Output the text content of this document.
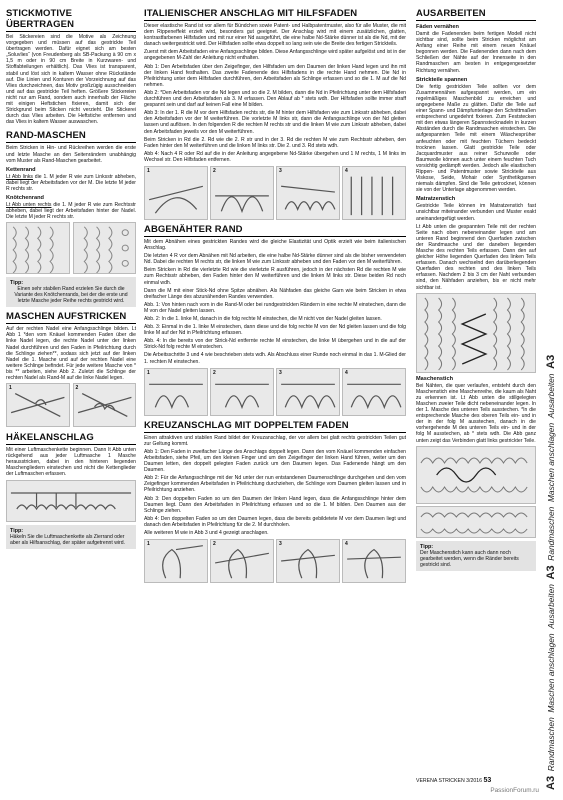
STICKMOTIVE ÜBERTRAGEN

Bei Stickereien sind die Motive als Zeichnung vorgegeben und müssen auf das gestrickte Teil übertragen werden. Dafür eignet sich am besten „Soluvlies“ (von Freudenberg als SB-Packung à 90 cm x 1,5 m oder in 90 cm Breite in Kurzwaren- und Stoffabteilungen erhältlich). Das Vlies ist transparent, stabil und löst sich in kaltem Wasser ohne Rückstände auf. Die Linien und Konturen der Vorzeichnung auf das Vlies durchzeichnen, das Motiv großzügig ausschneiden und auf das gestrickte Teil heften. Größere Stickereien nicht nur am Rand, sondern auch innerhalb der Fläche mit einigen Heftstichen fixieren, damit sich der Strickgrund beim Sticken nicht verzieht. Die Stickerei durch das Vlies arbeiten. Die Heftstiche entfernen und das Vlies in kaltem Wasser auswaschen.

RAND-MASCHEN

Beim Stricken in Hin- und Rückreihen werden die erste und letzte Masche an den Seitenrändern unabhängig vom Muster als Rand-Maschen gearbeitet.

Kettenrand

Lt Abb links die 1. M jeder R wie zum Linksstr abheben, dabei liegt der Arbeitsfaden vor der M. Die letzte M jeder R rechts str.

Knötchenrand

Lt Abb unten rechts die 1. M jeder R wie zum Rechtsstr abheben, dabei liegt der Arbeitsfaden hinter der Nadel. Die letzte M jeder R rechts str.

Tipp:
Einen sehr stabilen Rand erzielen Sie durch die Variante des Knötchenrands, bei der die erste und letzte Masche jeder Reihe rechts gestrickt wird.
MASCHEN AUFSTRICKEN

Auf der rechten Nadel eine Anfangsschlinge bilden. Lt Abb 1 *den vom Knäuel kommenden Faden über die linke Nadel legen, die rechte Nadel unter der linken Nadel durchführen und den Faden in Pfeilrichtung durch die Schlinge ziehen**, sodass sich jetzt auf der linken Nadel die 1. Masche und auf der rechten Nadel eine weitere Schlinge befindet. Für jede weitere Masche von * bis ** arbeiten, siehe Abb 2. Zuletzt die Schlinge der rechten Nadel als Rand-M auf die linke Nadel legen.

1	2
HÄKELANSCHLAG

Mit einer Luftmaschenkette beginnen. Dann lt Abb unten rückgehend aus jeder Luftmasche 1 Masche herausstricken, dabei in den hinteren liegenden Maschengliedern einstechen und nicht die Kettenglieder der Luftmaschen erfassen.

Tipp:
Häkeln Sie die Luftmaschenkette als Zierrand oder aber als Hilfsanschlag, der später aufgetrennt wird.
ITALIENISCHER ANSCHLAG MIT HILFSFADEN

Dieser elastische Rand ist vor allem für Bündchen sowie Patent- und Halbpatentmuster, also für alle Muster, die mit dem Rippeneffekt erzielt wird, besonders gut geeignet. Der Anschlag wird mit einem zusätzlichen, glatten, kontrastfarbenen Hilfsfaden und mit nur einer Nd ausgeführt, die eine halbe Nd-Stärke dünner ist als die Nd, mit der danach weitergestrickt wird. Der Hilfsfaden sollte etwa doppelt so lang sein wie die Breite des fertigen Strickteils.

Zuerst mit dem Arbeitsfaden eine Anfangsschlinge bilden. Diese Anfangsschlinge wird später aufgelöst und ist in der angegebenen M-Zahl der Anleitung nicht enthalten.

Abb 1: Den Arbeitsfaden über den Zeigefinger, den Hilfsfaden um den Daumen der linken Hand legen und ihn mit der linken Hand festhalten. Das zweite Fadenende des Hilfsfadens in die rechte Hand nehmen. Die Nd in Pfeilrichtung unter dem Hilfsfaden durchführen, den Arbeitsfaden als Schlinge erfassen und so die 1. M auf die Nd nehmen.

Abb 2: *Den Arbeitsfaden vor die Nd legen und so die 2. M bilden, dann die Nd in Pfeilrichtung unter dem Hilfsfaden durchführen und den Arbeitsfaden als 3. M erfassen. Den Ablauf ab * stets wdh. Der Hilfsfaden sollte immer straff gespannt sein und darf auf keinen Fall eine M bilden.

Abb 3: In der 1. R die M vor dem Hilfsfaden rechts str, die M hinter dem Hilfsfaden wie zum Linksstr abheben, dabei den Arbeitsfaden vor der M weiterführen. Die vorletzte M links str, dann die Anfangsschlinge von der Nd gleiten lassen und auflösen. In den folgenden R die rechten M rechts str und die linken M wie zum Linksstr abheben, dabei den Arbeitsfaden jeweils vor den M weiterführen.

Beim Stricken in Rd die 2. Rd wie die 2. R str und in der 3. Rd die rechten M wie zum Rechtsstr abheben, den Faden hinter den M weiterführen und die linken M links str. Die 2. und 3. Rd stets wdh.

Abb 4: Nach 4 R oder Rd auf die in der Anleitung angegebene Nd-Stärke übergehen und 1 M rechts, 1 M links im Wechsel str. Den Hilfsfaden entfernen.

1	2	3	4
ABGENÄHTER RAND

Mit dem Abnähen eines gestrickten Randes wird die gleiche Elastizität und Optik erzielt wie beim italienischen Anschlag.

Die letzten 4 R vor dem Abnähen mit Nd arbeiten, die eine halbe Nd-Stärke dünner sind als die bisher verwendeten Nd. Dabei die rechten M rechts str, die linken M wie zum Linksstr abheben und den Faden vor den M weiterführen.

Beim Stricken in Rd die vierletzte Rd wie die vierletzte R ausführen, jedoch in der nächsten Rd die rechten M wie zum Rechtsstr abheben, den Faden hinter den M weiterführen und die linken M links str. Diese beiden Rd noch einmal wdh.

Dann die M mit einer Stick-Nd ohne Spitze abnähen. Als Nähfaden das gleiche Garn wie beim Stricken in etwa dreifacher Länge des abzunähenden Randes verwenden.

Abb. 1: Von hinten nach vorn in die Rand-M oder bei rundgestrickten Rändern in eine rechte M einstechen, dann die M von der Nadel gleiten lassen.

Abb. 2: In die 1. linke M, danach in die folg rechte M einstechen, die M nicht von der Nadel gleiten lassen.

Abb. 3: Einmal in die 1. linke M einstechen, dann diese und die folg rechte M von der Nd gleiten lassen und die folg linke M auf der Nd in Pfeilrichtung erfassen.

Abb. 4: In die bereits von der Strick-Nd entfernte rechte M einstechen, die linke M übergehen und in die auf der Strick-Nd folg rechte M einstechen.

Die Arbeitsschritte 3 und 4 wie beschrieben stets wdh. Als Abschluss einer Runde noch einmal in das 1. M-Glied der 1. rechten M einstechen.

1	2	3	4
KREUZANSCHLAG MIT DOPPELTEM FADEN

Einen attraktiven und stabilen Rand bildet der Kreuzanschlag, der vor allem bei glatt rechts gestrickten Teilen gut zur Geltung kommt.

Abb 1: Den Faden in zweifacher Länge des Anschlags doppelt legen. Dann den vom Knäuel kommenden einfachen Arbeitsfaden, siehe Pfeil, um den kleinen Finger und um den Zeigefinger der linken Hand führen, weiter um den Daumen letten, den doppelt gelegten Faden zurück um den Daumen legen. Das Fadenende hängt um den Daumen.

Abb 2: Für die Anfangsschlinge mit der Nd unter der nun entstandenen Daumenschlinge durchgehen und den vom Zeigefinger kommenden Arbeitsfaden in Pfeilrichtung durchziehen, die Schlinge vom Daumen gleiten lassen und in Pfeilrichtung anziehen.

Abb 3: Den doppelten Faden so um den Daumen der linken Hand legen, dass die Anfangsschlinge hinter dem Daumen liegt. Dann den Arbeitsfaden in Pfeilrichtung erfassen und so die 1. M bilden. Den Daumen aus der Schlinge ziehen.

Abb 4: Den doppelten Faden so um den Daumen legen, dass die bereits gebildetete M vor dem Daumen liegt und danach den Arbeitsfaden in Pfeilrichtung für die 2. M durchholen.

Alle weiteren M wie in Abb 3 und 4 gezeigt anschlagen.

1	2	3	4
AUSARBEITEN
Fäden vernähen

Damit die Fadenenden beim fertigen Modell nicht sichtbar sind, sollte beim Stricken möglichst am Anfang einer Reihe mit einem neuen Knäuel begonnen werden. Die Fadenenden dann nach dem Schließen der Nähte auf der Innenseite in den Randmaschen am besten in entgegengesetzter Richtung vernähen.

Strickteile spannen

Die fertig gestrickten Teile sollten vor dem Zusammennähen aufgespannt werden, um ein regelmäßiges Maschenbild zu erreichen und angegebene Maße zu glätten. Dafür die Teile auf einer Spann- und Dämpfunterlage den Schnittmaßen entsprechend ungedehnt fixieren. Zum Feststecken mit den etwas längeren Spannstecknadeln in kurzen Abständen durch die Randmaschen einstechen. Die aufgespannten Teile mit einem Wäschesprüher anfeuchten oder mit feuchten Tüchern bedeckt trocknen lassen. Glatt gestrickte Teile oder Jacquardmuster aus reiner Schurwolle oder Baumwolle können auch unter einem feuchten Tuch vorsichtig gedämpft werden. Jedoch alle elastischen Rippen- und Patentmuster sowie Strickteile aus Viskose, Seide, Mohair oder Synthetikgarnen niemals dämpfen. Sind die Teile getrocknet, können sie von der Unterlage abgenommen werden.

Matratzenstich

Gestrickte Teile können im Matratzenstich fast unsichtbar miteinander verbunden und Muster exakt aneinandergefügt werden.

Lt Abb unten die gespannten Teile mit der rechten Seite nach oben nebeneinander legen und am unteren Rand beginnend den Querfaden zwischen der Randmasche und der daneben liegenden Masche des rechten Teils erfassen. Dann den auf gleicher Höhe liegenden Querfaden des linken Teils erfassen. Danach wechselnd den darüberliegenden Querfaden des rechten und des linken Teils erfassen. Nachdem 2 bis 3 cm der Naht verbunden sind, den Nähfaden anziehen, bis er nicht mehr sichtbar ist.

Maschenstich

Bei Nähten, die quer verlaufen, entsteht durch den Maschenstich eine Maschenreihe, die kaum als Naht zu erkennen ist. Lt Abb unten die stillgelegten Maschen zweier Teile dicht nebeneinander legen. In der 1. Masche des unteren Teils ausstechen. *In die entsprechende Masche des oberen Teils ein- und in der in der folg M ausstechen, danach in die vorhergehende M des unteren Teils ein- und in der folg M ausstechen, ab * stets wdh. Die Abb ganz unten zeigt das Verbinden glatt links gestrickter Teile.

Tipp:
Der Maschenstich kann auch dann noch gearbeitet werden, wenn die Ränder bereits gestrickt sind.
A3  Randmaschen  Maschen anschlagen  Ausarbeiten  A3  Randmaschen  Maschen anschlagen  Ausarbeiten  A3
VERENA STRICKEN 3/2016 53
PassionForum.ru
